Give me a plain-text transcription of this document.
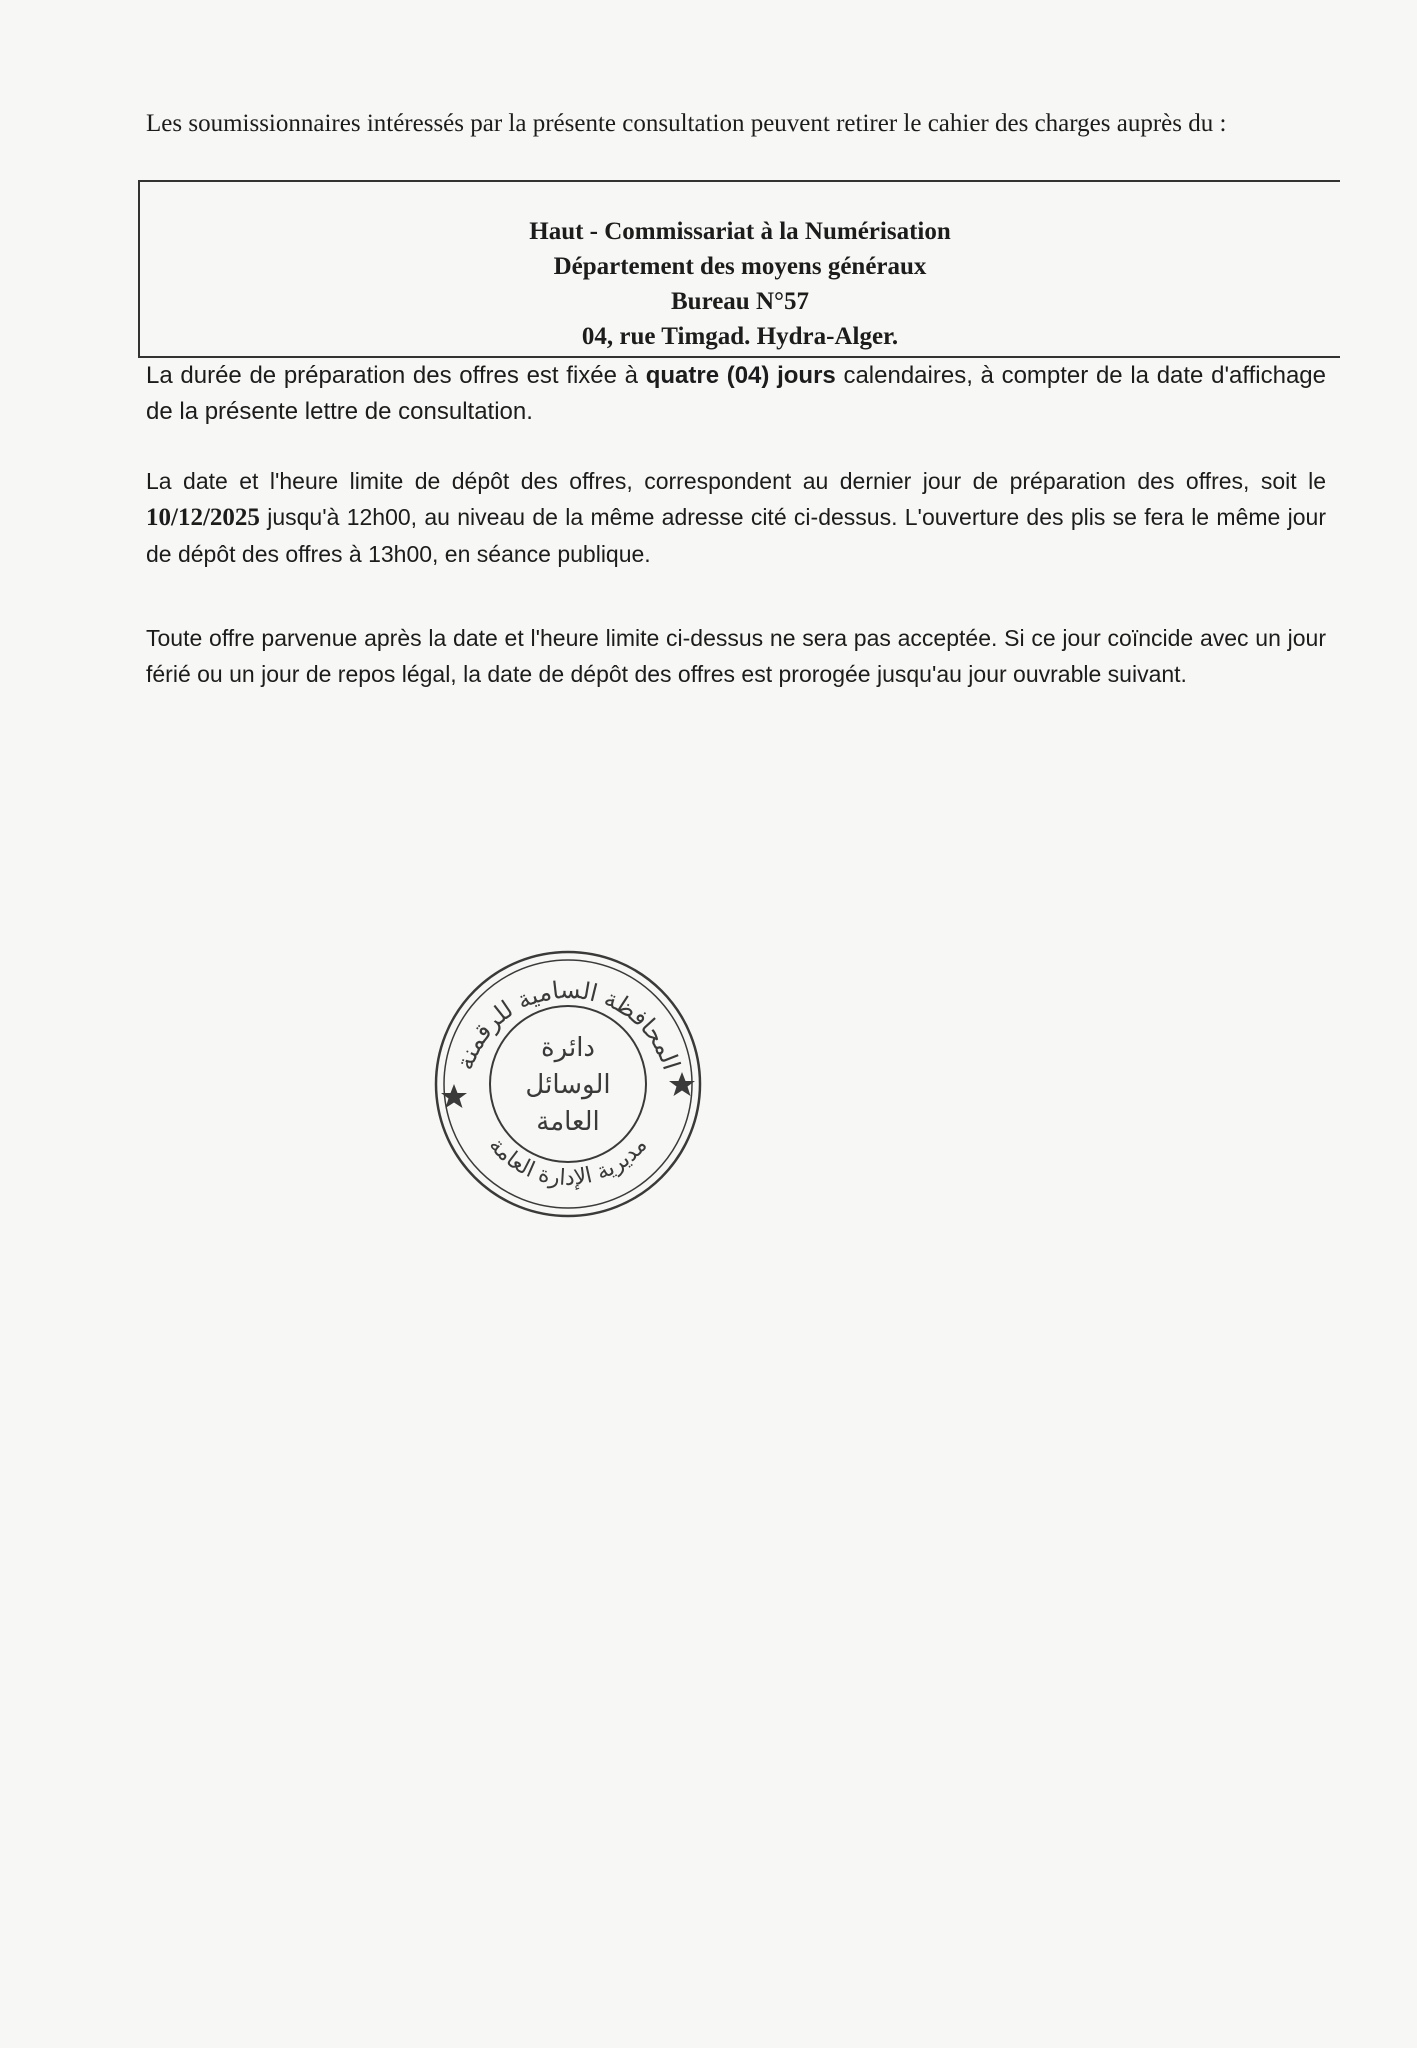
Les soumissionnaires intéressés par la présente consultation peuvent retirer le cahier des charges auprès du :

Haut - Commissariat à la Numérisation
Département des moyens généraux
Bureau N°57
04, rue Timgad. Hydra-Alger.

La durée de préparation des offres est fixée à quatre (04) jours calendaires, à compter de la date d'affichage de la présente lettre de consultation.

La date et l'heure limite de dépôt des offres, correspondent au dernier jour de préparation des offres, soit le 10/12/2025 jusqu'à 12h00, au niveau de la même adresse cité ci-dessus. L'ouverture des plis se fera le même jour de dépôt des offres à 13h00, en séance publique.

Toute offre parvenue après la date et l'heure limite ci-dessus ne sera pas acceptée. Si ce jour coïncide avec un jour férié ou un jour de repos légal, la date de dépôt des offres est prorogée jusqu'au jour ouvrable suivant.

المحافظة السامية للرقمنة
مديرية الإدارة العامة
دائرة
الوسائل
العامة
